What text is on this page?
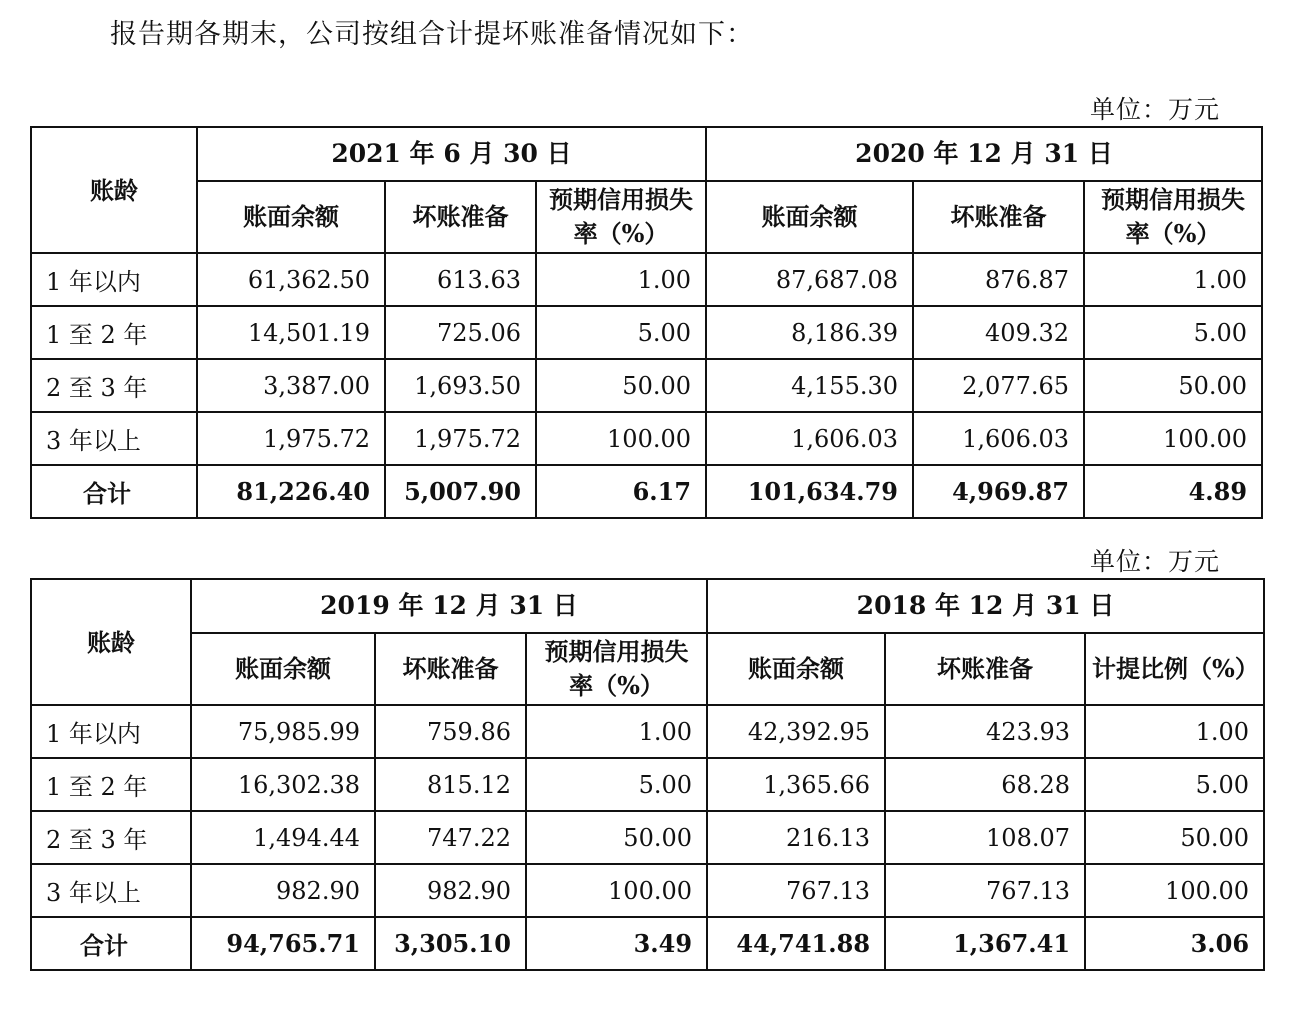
报告期各期末，公司按组合计提坏账准备情况如下：
单位：万元
账龄	2021 年 6 月 30 日			2020 年 12 月 31 日		
	账面余额	坏账准备	预期信用损失率（%）	账面余额	坏账准备	预期信用损失率（%）
1 年以内	61,362.50	613.63	1.00	87,687.08	876.87	1.00
1 至 2 年	14,501.19	725.06	5.00	8,186.39	409.32	5.00
2 至 3 年	3,387.00	1,693.50	50.00	4,155.30	2,077.65	50.00
3 年以上	1,975.72	1,975.72	100.00	1,606.03	1,606.03	100.00
合计	81,226.40	5,007.90	6.17	101,634.79	4,969.87	4.89
单位：万元
账龄	2019 年 12 月 31 日			2018 年 12 月 31 日		
	账面余额	坏账准备	预期信用损失率（%）	账面余额	坏账准备	计提比例（%）
1 年以内	75,985.99	759.86	1.00	42,392.95	423.93	1.00
1 至 2 年	16,302.38	815.12	5.00	1,365.66	68.28	5.00
2 至 3 年	1,494.44	747.22	50.00	216.13	108.07	50.00
3 年以上	982.90	982.90	100.00	767.13	767.13	100.00
合计	94,765.71	3,305.10	3.49	44,741.88	1,367.41	3.06
